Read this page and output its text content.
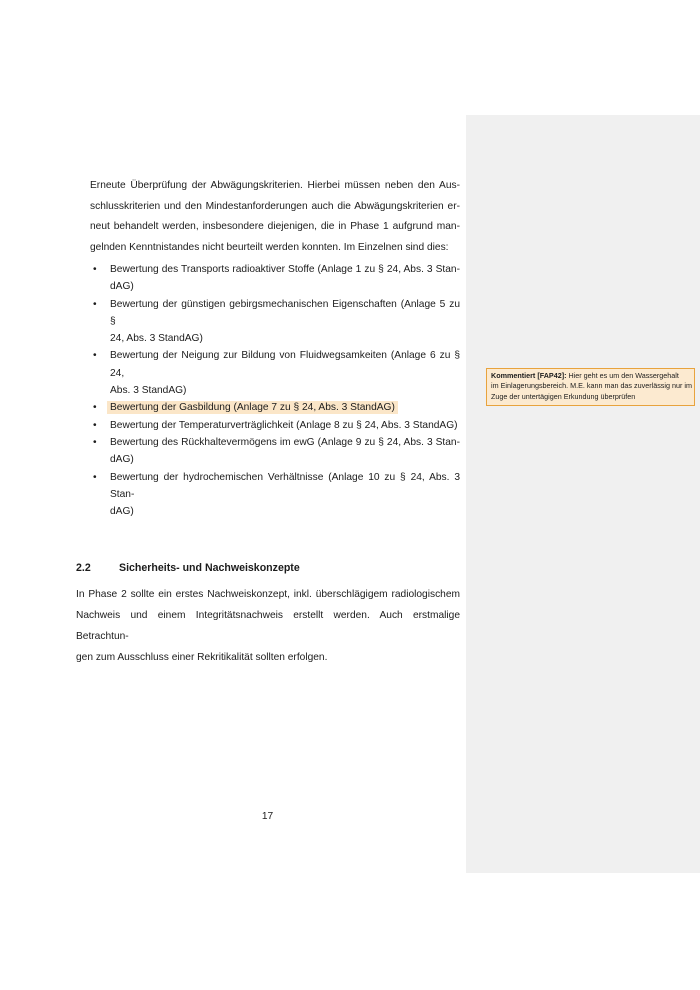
Erneute Überprüfung der Abwägungskriterien. Hierbei müssen neben den Aus-
schlusskriterien und den Mindestanforderungen auch die Abwägungskriterien er-
neut behandelt werden, insbesondere diejenigen, die in Phase 1 aufgrund man-
gelnden Kenntnistandes nicht beurteilt werden konnten. Im Einzelnen sind dies:
• Bewertung des Transports radioaktiver Stoffe (Anlage 1 zu § 24, Abs. 3 Stan-
dAG)
• Bewertung der günstigen gebirgsmechanischen Eigenschaften (Anlage 5 zu §
24, Abs. 3 StandAG)
• Bewertung der Neigung zur Bildung von Fluidwegsamkeiten (Anlage 6 zu § 24,
Abs. 3 StandAG)
• Bewertung der Gasbildung (Anlage 7 zu § 24, Abs. 3 StandAG)
• Bewertung der Temperaturverträglichkeit (Anlage 8 zu § 24, Abs. 3 StandAG)
• Bewertung des Rückhaltevermögens im ewG (Anlage 9 zu § 24, Abs. 3 Stan-
dAG)
• Bewertung der hydrochemischen Verhältnisse (Anlage 10 zu § 24, Abs. 3 Stan-
dAG)
Kommentiert [FAP42]: Hier geht es um den Wassergehalt
im Einlagerungsbereich. M.E. kann man das zuverlässig nur im
Zuge der untertägigen Erkundung überprüfen
2.2	Sicherheits- und Nachweiskonzepte
In Phase 2 sollte ein erstes Nachweiskonzept, inkl. überschlägigem radiologischem
Nachweis und einem Integritätsnachweis erstellt werden. Auch erstmalige Betrachtun-
gen zum Ausschluss einer Rekritikalität sollten erfolgen.
17
